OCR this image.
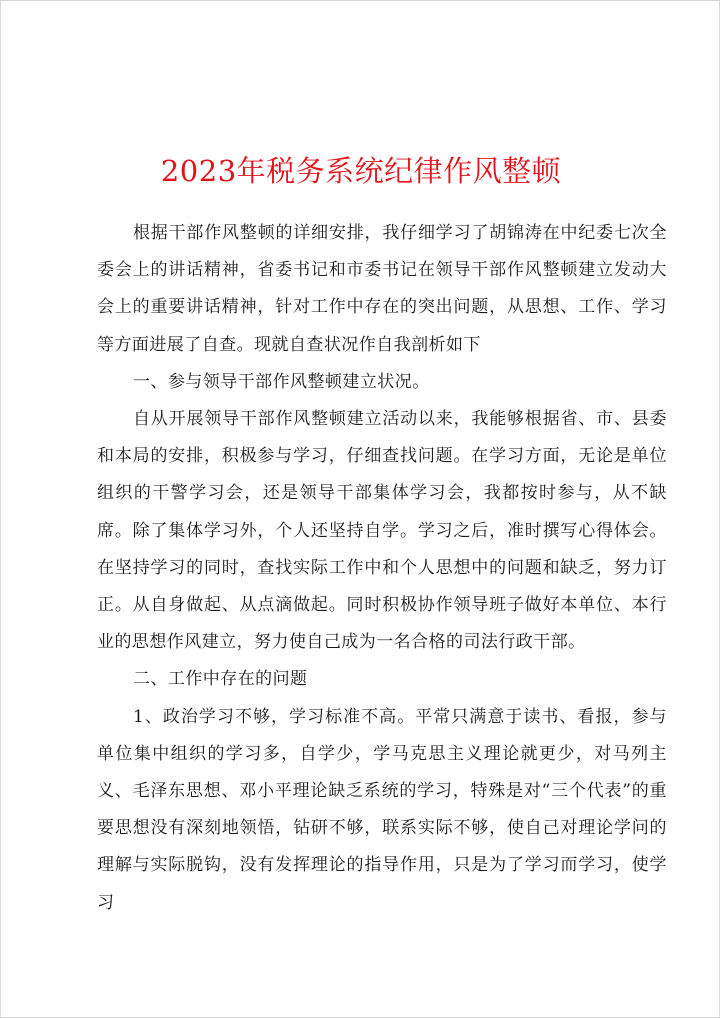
2023年税务系统纪律作风整顿

根据干部作风整顿的详细安排，我仔细学习了胡锦涛在中纪委七次全委会上的讲话精神，省委书记和市委书记在领导干部作风整顿建立发动大会上的重要讲话精神，针对工作中存在的突出问题，从思想、工作、学习等方面进展了自查。现就自查状况作自我剖析如下

一、参与领导干部作风整顿建立状况。

自从开展领导干部作风整顿建立活动以来，我能够根据省、市、县委和本局的安排，积极参与学习，仔细查找问题。在学习方面，无论是单位组织的干警学习会，还是领导干部集体学习会，我都按时参与，从不缺席。除了集体学习外，个人还坚持自学。学习之后，准时撰写心得体会。在坚持学习的同时，查找实际工作中和个人思想中的问题和缺乏，努力订正。从自身做起、从点滴做起。同时积极协作领导班子做好本单位、本行业的思想作风建立，努力使自己成为一名合格的司法行政干部。

二、工作中存在的问题

1、政治学习不够，学习标准不高。平常只满意于读书、看报，参与单位集中组织的学习多，自学少，学马克思主义理论就更少，对马列主义、毛泽东思想、邓小平理论缺乏系统的学习，特殊是对“三个代表”的重要思想没有深刻地领悟，钻研不够，联系实际不够，使自己对理论学问的理解与实际脱钩，没有发挥理论的指导作用，只是为了学习而学习，使学习
